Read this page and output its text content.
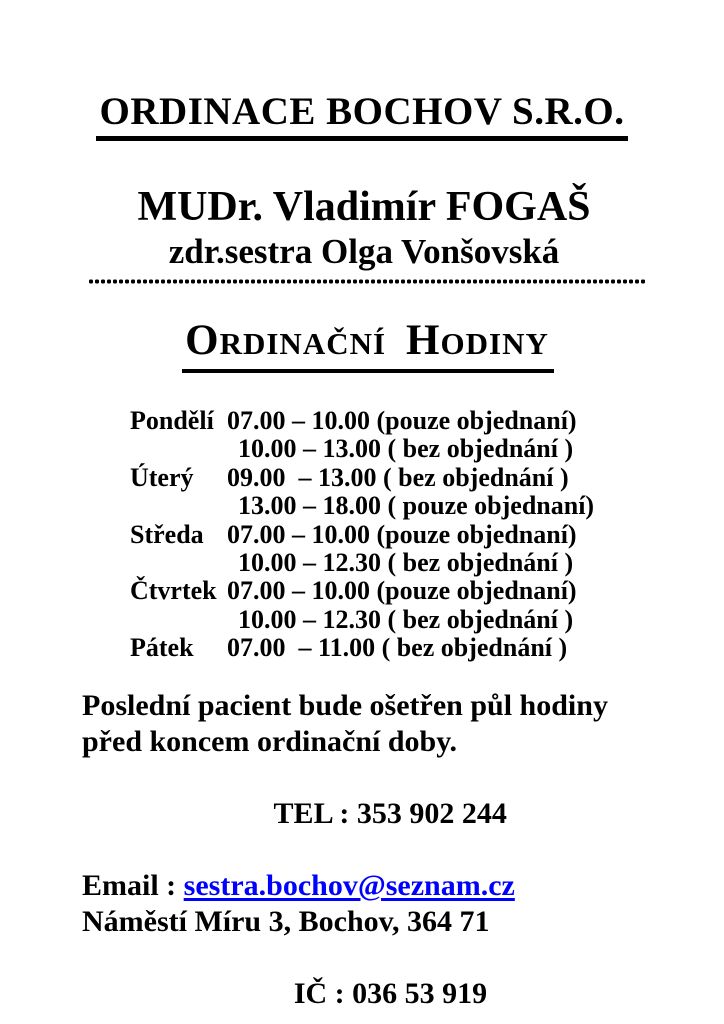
ORDINACE BOCHOV S.R.O.
MUDr. Vladimír FOGAŠ
zdr.sestra Olga Vonšovská
ORDINAČNÍ HODINY
Pondělí 07.00 – 10.00 (pouze objednaní)
10.00 – 13.00 ( bez objednání )
Úterý	09.00  – 13.00 ( bez objednání )
13.00 – 18.00 ( pouze objednaní)
Středa 07.00 – 10.00 (pouze objednaní)
10.00 – 12.30 ( bez objednání )
Čtvrtek 07.00 – 10.00 (pouze objednaní)
10.00 – 12.30 ( bez objednání )
Pátek	07.00  – 11.00 ( bez objednání )
Poslední pacient bude ošetřen půl hodiny
před koncem ordinační doby.

TEL : 353 902 244

Email : sestra.bochov@seznam.cz
Náměstí Míru 3, Bochov, 364 71

IČ : 036 53 919
